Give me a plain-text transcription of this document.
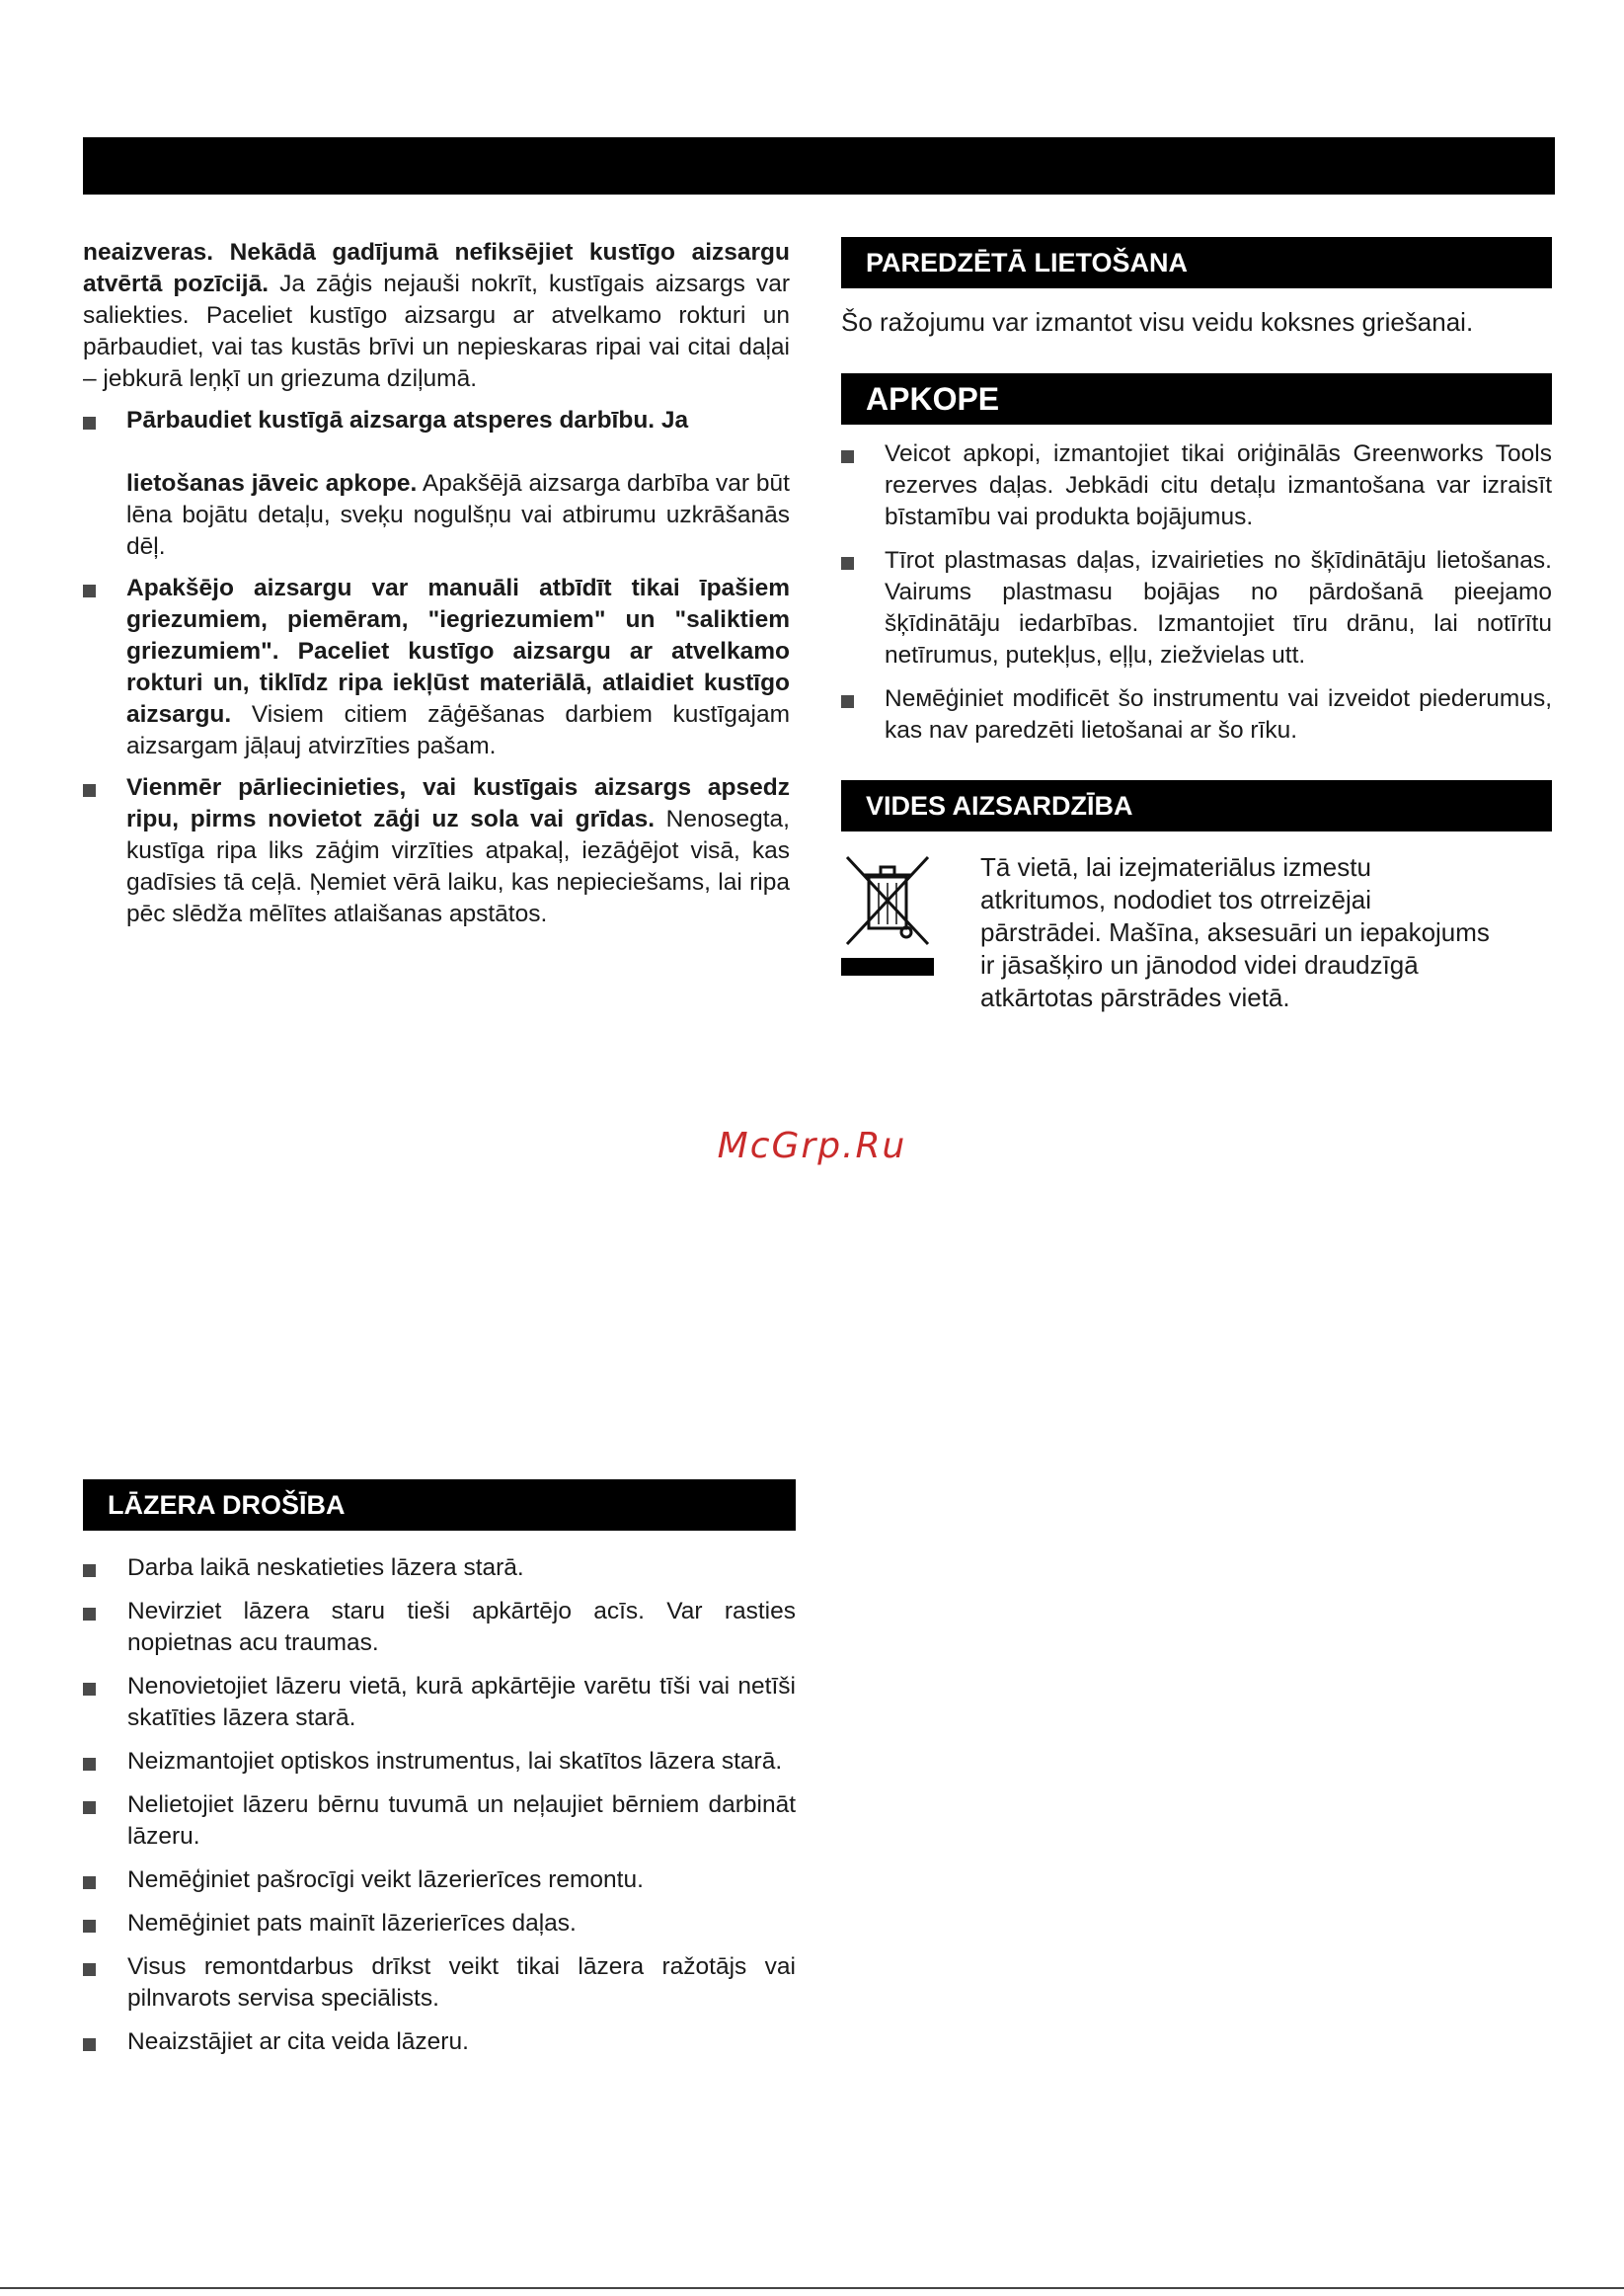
neaizveras. Nekādā gadījumā nefiksējiet kustīgo aizsargu atvērtā pozīcijā. Ja zāģis nejauši nokrīt, kustīgais aizsargs var saliekties. Paceliet kustīgo aizsargu ar atvelkamo rokturi un pārbaudiet, vai tas kustās brīvi un nepieskaras ripai vai citai daļai – jebkurā leņķī un griezuma dziļumā.

Pārbaudiet kustīgā aizsarga atsperes darbību. Ja
lietošanas jāveic apkope. Apakšējā aizsarga darbība var būt lēna bojātu detaļu, sveķu nogulšņu vai atbirumu uzkrāšanās dēļ.
Apakšējo aizsargu var manuāli atbīdīt tikai īpašiem griezumiem, piemēram, "iegriezumiem" un "saliktiem griezumiem". Paceliet kustīgo aizsargu ar atvelkamo rokturi un, tiklīdz ripa iekļūst materiālā, atlaidiet kustīgo aizsargu. Visiem citiem zāģēšanas darbiem kustīgajam aizsargam jāļauj atvirzīties pašam.
Vienmēr pārliecinieties, vai kustīgais aizsargs apsedz ripu, pirms novietot zāģi uz sola vai grīdas. Nenosegta, kustīga ripa liks zāģim virzīties atpakaļ, iezāģējot visā, kas gadīsies tā ceļā. Ņemiet vērā laiku, kas nepieciešams, lai ripa pēc slēdža mēlītes atlaišanas apstātos.
PAREDZĒTĀ LIETOŠANA

Šo ražojumu var izmantot visu veidu koksnes griešanai.

APKOPE
Veicot apkopi, izmantojiet tikai oriģinālās Greenworks Tools rezerves daļas. Jebkādi citu detaļu izmantošana var izraisīt bīstamību vai produkta bojājumus.
Tīrot plastmasas daļas, izvairieties no šķīdinātāju lietošanas. Vairums plastmasu bojājas no pārdošanā pieejamo šķīdinātāju iedarbības. Izmantojiet tīru drānu, lai notīrītu netīrumus, putekļus, eļļu, ziežvielas utt.
Neмēģiniet modificēt šo instrumentu vai izveidot piederumus, kas nav paredzēti lietošanai ar šo rīku.
VIDES AIZSARDZĪBA
Tā vietā, lai izejmateriālus izmestu
atkritumos, nododiet tos otrreizējai
pārstrādei. Mašīna, aksesuāri un iepakojums
ir jāsašķiro un jānodod videi draudzīgā
atkārtotas pārstrādes vietā.
McGrp.Ru
LĀZERA DROŠĪBA
Darba laikā neskatieties lāzera starā.
Nevirziet lāzera staru tieši apkārtējo acīs. Var rasties nopietnas acu traumas.
Nenovietojiet lāzeru vietā, kurā apkārtējie varētu tīši vai netīši skatīties lāzera starā.
Neizmantojiet optiskos instrumentus, lai skatītos lāzera starā.
Nelietojiet lāzeru bērnu tuvumā un neļaujiet bērniem darbināt lāzeru.
Nemēģiniet pašrocīgi veikt lāzerierīces remontu.
Nemēģiniet pats mainīt lāzerierīces daļas.
Visus remontdarbus drīkst veikt tikai lāzera ražotājs vai pilnvarots servisa speciālists.
Neaizstājiet ar cita veida lāzeru.
